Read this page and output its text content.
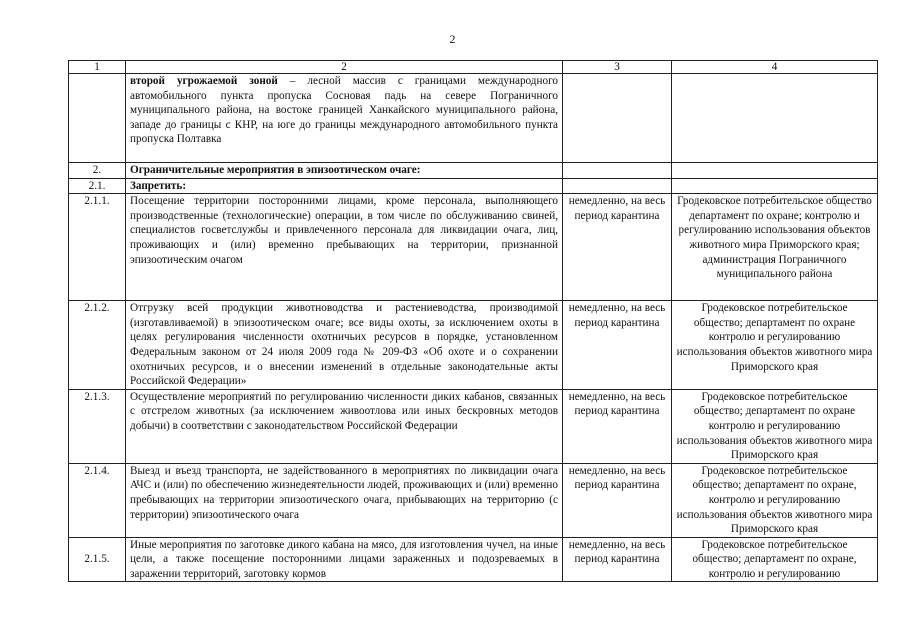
2
1	2	3	4
	второй угрожаемой зоной – лесной массив с границами международного автомобильного пункта пропуска Сосновая падь на севере Пограничного муниципального района, на востоке границей Ханкайского муниципального района, западе до границы с КНР, на юге до границы международного автомобильного пункта пропуска Полтавка		
2.	Ограничительные мероприятия в эпизоотическом очаге:		
2.1.	Запретить:		
2.1.1.	Посещение территории посторонними лицами, кроме персонала, выполняющего производственные (технологические) операции, в том числе по обслуживанию свиней, специалистов госветслужбы и привлеченного персонала для ликвидации очага, лиц, проживающих и (или) временно пребывающих на территории, признанной эпизоотическим очагом	немедленно, на весь период карантина	Гродековское потребительское общество департамент по охране; контролю и регулированию использования объектов животного мира Приморского края; администрация Пограничного муниципального района
2.1.2.	Отгрузку всей продукции животноводства и растениеводства, производимой (изготавливаемой) в эпизоотическом очаге; все виды охоты, за исключением охоты в целях регулирования численности охотничьих ресурсов в порядке, установленном Федеральным законом от 24 июля 2009 года № 209-ФЗ «Об охоте и о сохранении охотничьих ресурсов, и о внесении изменений в отдельные законодательные акты Российской Федерации»	немедленно, на весь период карантина	Гродековское потребительское общество; департамент по охране контролю и регулированию использования объектов животного мира Приморского края
2.1.3.	Осуществление мероприятий по регулированию численности диких кабанов, связанных с отстрелом животных (за исключением живоотлова или иных бескровных методов добычи) в соответствии с законодательством Российской Федерации	немедленно, на весь период карантина	Гродековское потребительское общество; департамент по охране контролю и регулированию использования объектов животного мира Приморского края
2.1.4.	Выезд и въезд транспорта, не задействованного в мероприятиях по ликвидации очага АЧС и (или) по обеспечению жизнедеятельности людей, проживающих и (или) временно пребывающих на территории эпизоотического очага, прибывающих на территорию (с территории) эпизоотического очага	немедленно, на весь период карантина	Гродековское потребительское общество; департамент по охране, контролю и регулированию использования объектов животного мира Приморского края
2.1.5.	Иные мероприятия по заготовке дикого кабана на мясо, для изготовления чучел, на иные цели, а также посещение посторонними лицами зараженных и подозреваемых в заражении территорий, заготовку кормов	немедленно, на весь период карантина	Гродековское потребительское общество; департамент по охране, контролю и регулированию
